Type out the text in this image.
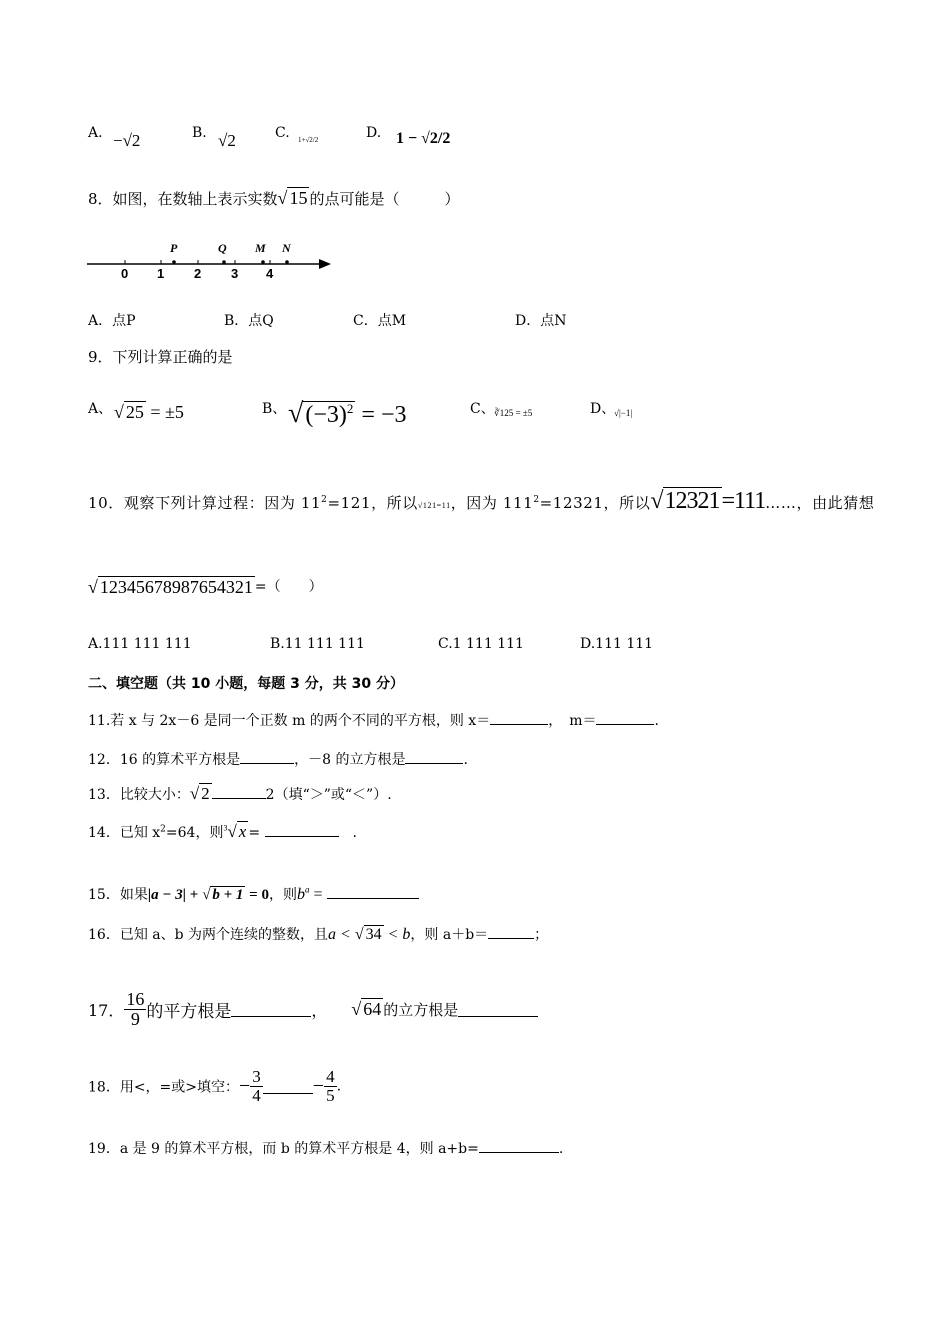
A. −√2	B. √2	C. 1+√2/2	D. 1 − √2/2
8．如图，在数轴上表示实数√ 15 的点可能是（　　　）
0 1 2 3 4
P	Q M N
A．点P	B．点Q	C．点M	D．点N
9．下列计算正确的是
A、 √ 25 = ±5	B、 $√(-3)^2 = -3$	C、 ∛125 = ±5	D、
√|−1|
10．观察下列计算过程：因为 $11^2=121$，所以√121=11，因为 $111^2=12321$，所以√12321=111……，由此猜想
√ 12345678987654321 =（　　）
A.111 111 111	B.11 111 111	C.1 111 111	D.111 111
二、填空题（共 10 小题，每题 3 分，共 30 分）
11.若 x 与 2x－6 是同一个正数 m 的两个不同的平方根，则 x＝	，　m＝	.
12．16 的算术平方根是	，－8 的立方根是	.
13．比较大小：√ 2	2（填“＞”或“＜”）.
14．已知 $x^2=64$，则$^3$√ x = 　	.
15．如果|a − 3| + √ b + 1 = 0，则$b^a$ =
16．已知 a、b 为两个连续的整数，且a < √ 34 < b，则 a＋b＝	；
17． $\frac{16}{9}$ 的平方根是	，　　 √ 64 的立方根是
18．用<，=或>填空：− $\frac{3}{4}$	− $\frac{4}{5}$ .
19．a 是 9 的算术平方根，而 b 的算术平方根是 4，则 a+b=	.
